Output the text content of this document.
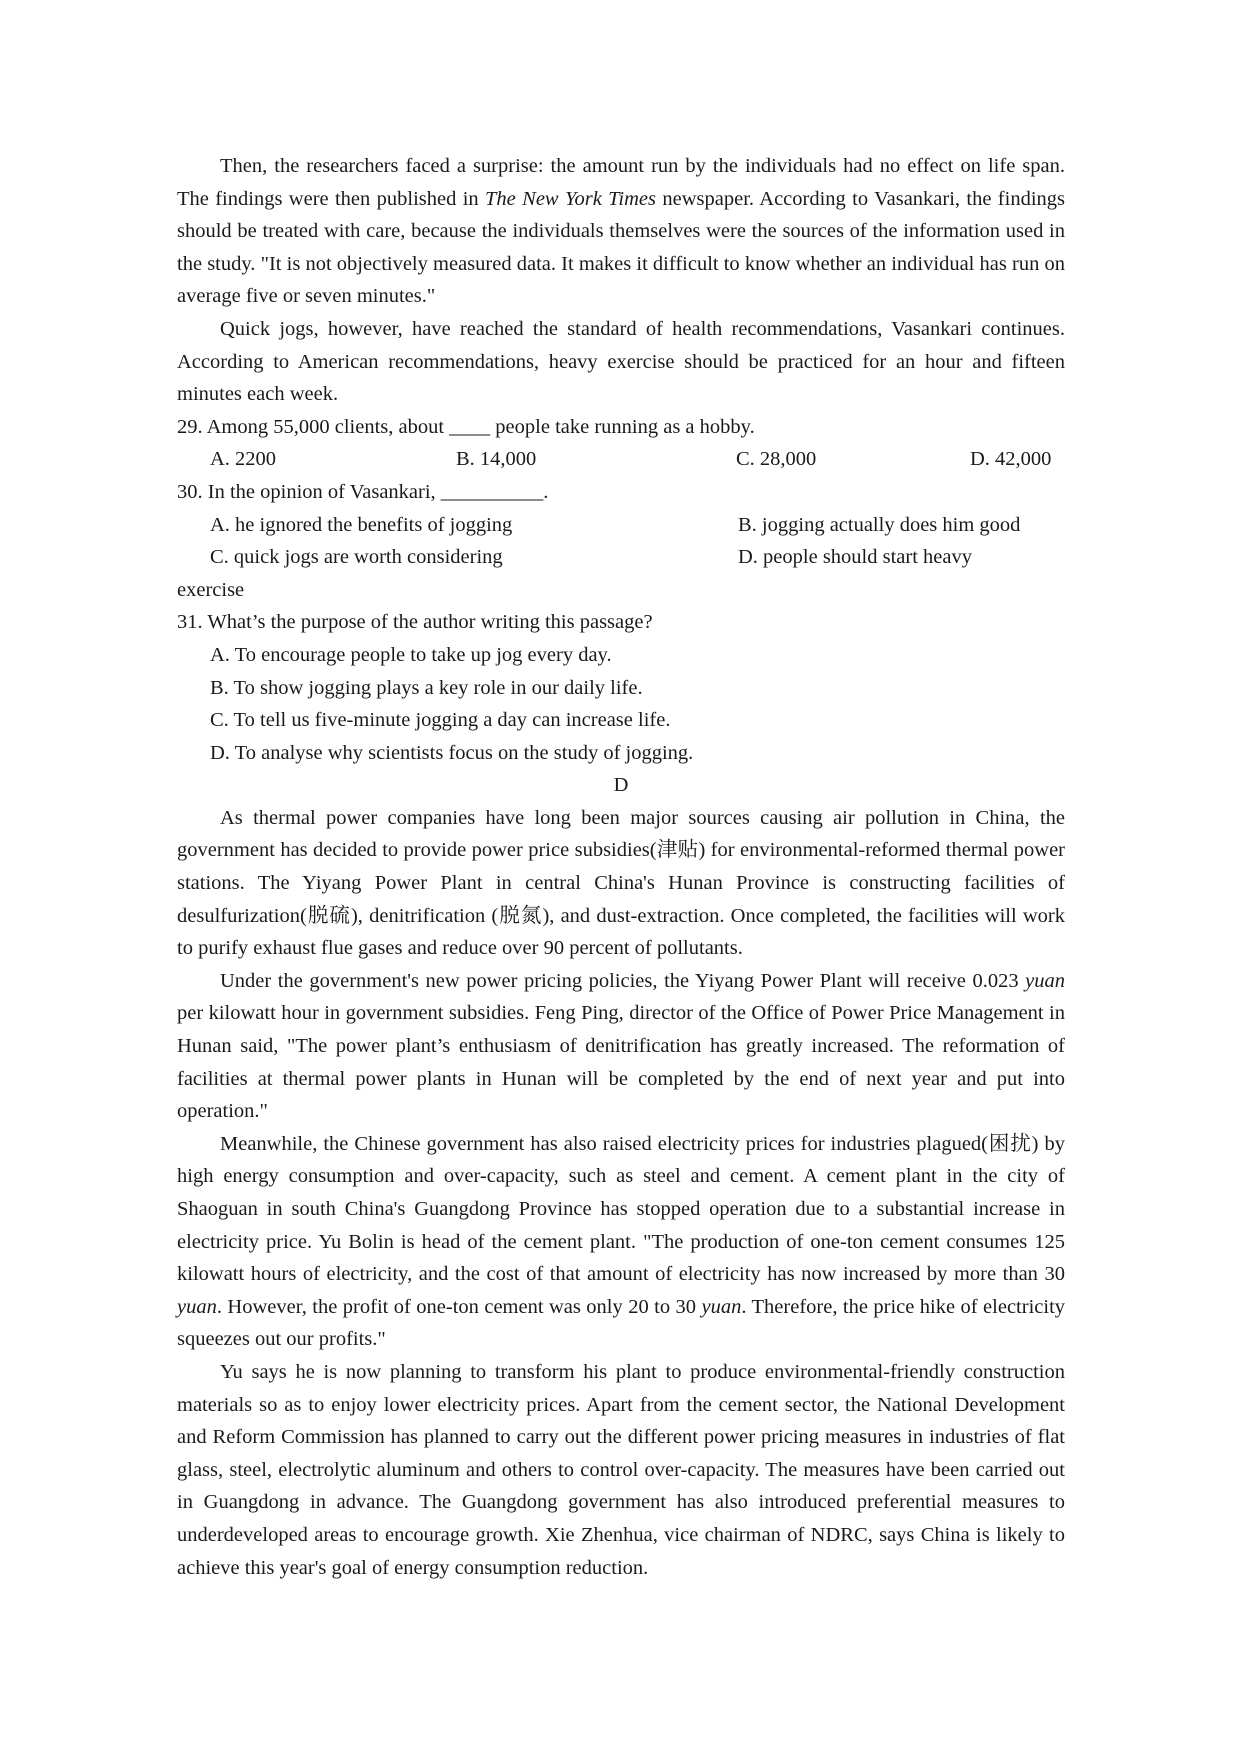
Then, the researchers faced a surprise: the amount run by the individuals had no effect on life span. The findings were then published in The New York Times newspaper. According to Vasankari, the findings should be treated with care, because the individuals themselves were the sources of the information used in the study. "It is not objectively measured data. It makes it difficult to know whether an individual has run on average five or seven minutes."

Quick jogs, however, have reached the standard of health recommendations, Vasankari continues. According to American recommendations, heavy exercise should be practiced for an hour and fifteen minutes each week.

29. Among 55,000 clients, about ____ people take running as a hobby.

A. 2200	B. 14,000	C. 28,000	D. 42,000

30. In the opinion of Vasankari, __________.

A. he ignored the benefits of jogging	B. jogging actually does him good
C. quick jogs are worth considering	D. people should start heavy

exercise

31. What’s the purpose of the author writing this passage?

A. To encourage people to take up jog every day.

B. To show jogging plays a key role in our daily life.

C. To tell us five-minute jogging a day can increase life.

D. To analyse why scientists focus on the study of jogging.

D

As thermal power companies have long been major sources causing air pollution in China, the government has decided to provide power price subsidies(津贴) for environmental-reformed thermal power stations. The Yiyang Power Plant in central China's Hunan Province is constructing facilities of desulfurization(脱硫), denitrification (脱氮), and dust-extraction. Once completed, the facilities will work to purify exhaust flue gases and reduce over 90 percent of pollutants.

Under the government's new power pricing policies, the Yiyang Power Plant will receive 0.023 yuan per kilowatt hour in government subsidies. Feng Ping, director of the Office of Power Price Management in Hunan said, "The power plant’s enthusiasm of denitrification has greatly increased. The reformation of facilities at thermal power plants in Hunan will be completed by the end of next year and put into operation."

Meanwhile, the Chinese government has also raised electricity prices for industries plagued(困扰) by high energy consumption and over-capacity, such as steel and cement. A cement plant in the city of Shaoguan in south China's Guangdong Province has stopped operation due to a substantial increase in electricity price. Yu Bolin is head of the cement plant. "The production of one-ton cement consumes 125 kilowatt hours of electricity, and the cost of that amount of electricity has now increased by more than 30 yuan. However, the profit of one-ton cement was only 20 to 30 yuan. Therefore, the price hike of electricity squeezes out our profits."

Yu says he is now planning to transform his plant to produce environmental-friendly construction materials so as to enjoy lower electricity prices. Apart from the cement sector, the National Development and Reform Commission has planned to carry out the different power pricing measures in industries of flat glass, steel, electrolytic aluminum and others to control over-capacity. The measures have been carried out in Guangdong in advance. The Guangdong government has also introduced preferential measures to underdeveloped areas to encourage growth. Xie Zhenhua, vice chairman of NDRC, says China is likely to achieve this year's goal of energy consumption reduction.
